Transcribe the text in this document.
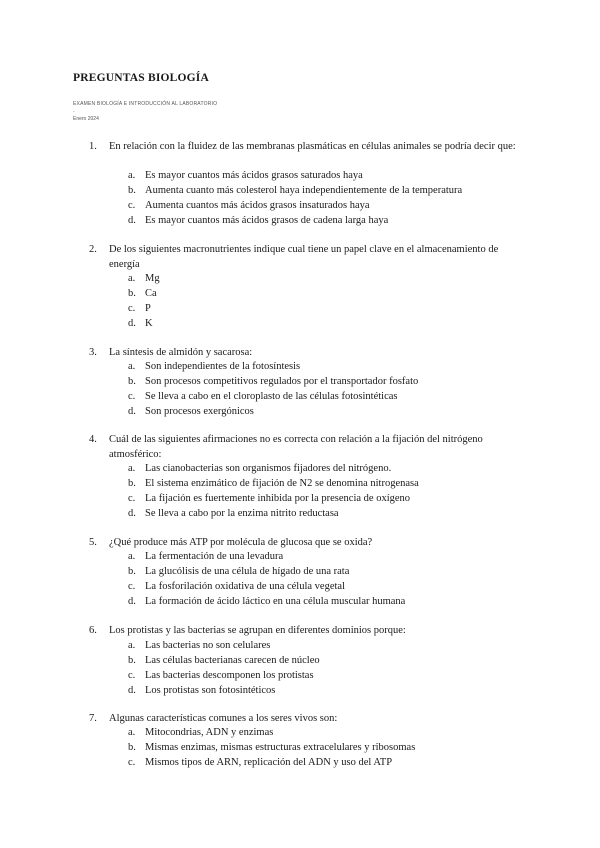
PREGUNTAS BIOLOGÍA
EXAMEN BIOLOGÍA E INTRODUCCIÓN AL LABORATORIO
-
Enero 2024
1. En relación con la fluidez de las membranas plasmáticas en células animales se podría decir que:
a. Es mayor cuantos más ácidos grasos saturados haya
b. Aumenta cuanto más colesterol haya independientemente de la temperatura
c. Aumenta cuantos más ácidos grasos insaturados haya
d. Es mayor cuantos más ácidos grasos de cadena larga haya
2. De los siguientes macronutrientes indique cual tiene un papel clave en el almacenamiento de energía
a. Mg
b. Ca
c. P
d. K
3. La síntesis de almidón y sacarosa:
a. Son independientes de la fotosíntesis
b. Son procesos competitivos regulados por el transportador fosfato
c. Se lleva a cabo en el cloroplasto de las células fotosintéticas
d. Son procesos exergónicos
4. Cuál de las siguientes afirmaciones no es correcta con relación a la fijación del nitrógeno atmosférico:
a. Las cianobacterias son organismos fijadores del nitrógeno.
b. El sistema enzimático de fijación de N2 se denomina nitrogenasa
c. La fijación es fuertemente inhibida por la presencia de oxígeno
d. Se lleva a cabo por la enzima nitrito reductasa
5. ¿Qué produce más ATP por molécula de glucosa que se oxida?
a. La fermentación de una levadura
b. La glucólisis de una célula de hígado de una rata
c. La fosforilación oxidativa de una célula vegetal
d. La formación de ácido láctico en una célula muscular humana
6. Los protistas y las bacterias se agrupan en diferentes dominios porque:
a. Las bacterias no son celulares
b. Las células bacterianas carecen de núcleo
c. Las bacterias descomponen los protistas
d. Los protistas son fotosintéticos
7. Algunas características comunes a los seres vivos son:
a. Mitocondrias, ADN y enzimas
b. Mismas enzimas, mismas estructuras extracelulares y ribosomas
c. Mismos tipos de ARN, replicación del ADN y uso del ATP
